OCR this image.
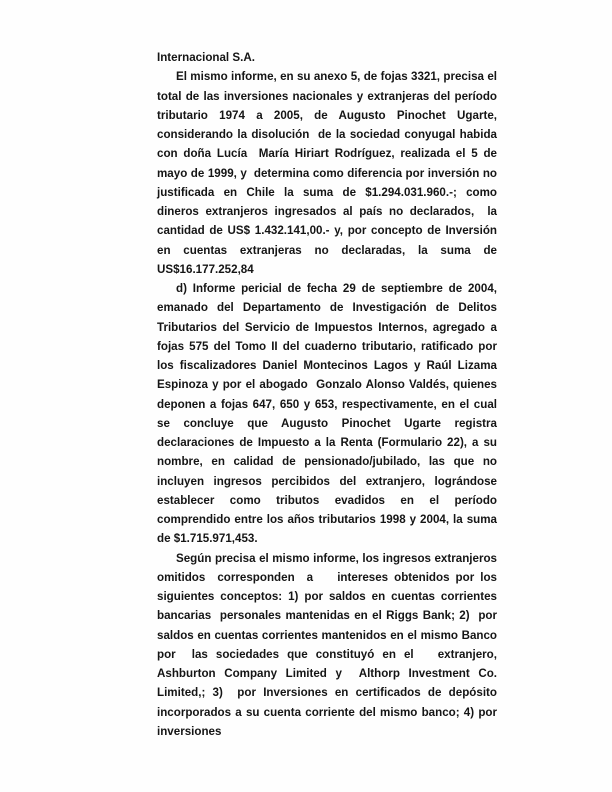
Internacional S.A.

El mismo informe, en su anexo 5, de fojas 3321, precisa el total de las inversiones nacionales y extranjeras del período tributario 1974 a 2005, de Augusto Pinochet Ugarte, considerando la disolución  de la sociedad conyugal habida con doña Lucía  María Hiriart Rodríguez, realizada el 5 de mayo de 1999, y  determina como diferencia por inversión no justificada en Chile la suma de $1.294.031.960.-; como  dineros extranjeros ingresados al país no declarados,  la cantidad de US$ 1.432.141,00.- y, por concepto de Inversión  en cuentas extranjeras no declaradas, la suma de  US$16.177.252,84

d) Informe pericial de fecha 29 de septiembre de 2004, emanado del Departamento de Investigación de Delitos Tributarios del Servicio de Impuestos Internos, agregado a fojas 575 del Tomo II del cuaderno tributario, ratificado por los fiscalizadores Daniel Montecinos Lagos y Raúl Lizama Espinoza y por el abogado  Gonzalo Alonso Valdés, quienes deponen a fojas 647, 650 y 653, respectivamente, en el cual se concluye que Augusto Pinochet Ugarte registra declaraciones de Impuesto a la Renta (Formulario 22), a su nombre, en calidad de pensionado/jubilado, las que no incluyen ingresos percibidos del extranjero, lográndose establecer como tributos evadidos en el período comprendido entre los años tributarios 1998 y 2004, la suma de $1.715.971,453.

Según precisa el mismo informe, los ingresos extranjeros  omitidos  corresponden  a    intereses obtenidos por los siguientes conceptos: 1) por saldos en cuentas corrientes bancarias  personales mantenidas en el Riggs Bank; 2)  por saldos en cuentas corrientes mantenidos en el mismo Banco por  las sociedades que constituyó en el   extranjero,  Ashburton Company Limited y  Althorp Investment Co. Limited,; 3)  por Inversiones en certificados de depósito  incorporados a su cuenta corriente del mismo banco; 4) por inversiones
